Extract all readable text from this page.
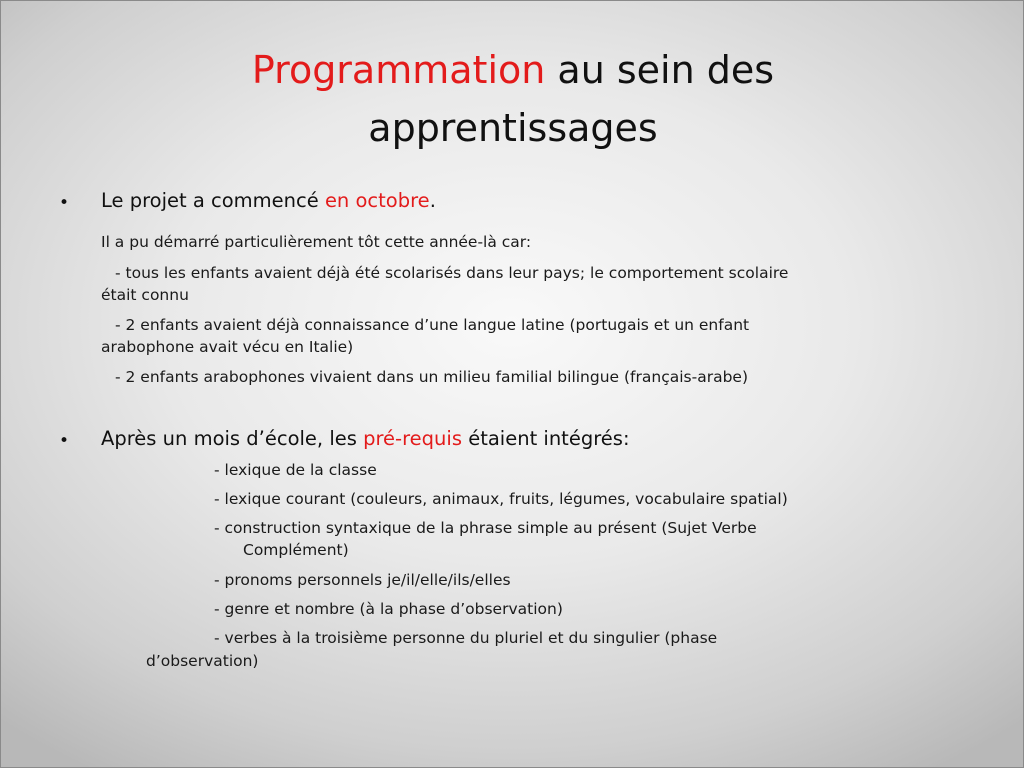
Programmation au sein des
apprentissages
• Le projet a commencé en octobre.

Il a pu démarré particulièrement tôt cette année-là car:

- tous les enfants avaient déjà été scolarisés dans leur pays; le comportement scolaire
était connu

- 2 enfants avaient déjà connaissance d’une langue latine (portugais et un enfant
arabophone avait vécu en Italie)

- 2 enfants arabophones vivaient dans un milieu familial bilingue (français-arabe)

• Après un mois d’école, les pré-requis étaient intégrés:

- lexique de la classe

- lexique courant (couleurs, animaux, fruits, légumes, vocabulaire spatial)

- construction syntaxique de la phrase simple au présent (Sujet Verbe
Complément)

- pronoms personnels je/il/elle/ils/elles

- genre et nombre (à la phase d’observation)

- verbes à la troisième personne du pluriel et du singulier (phase

d’observation)
